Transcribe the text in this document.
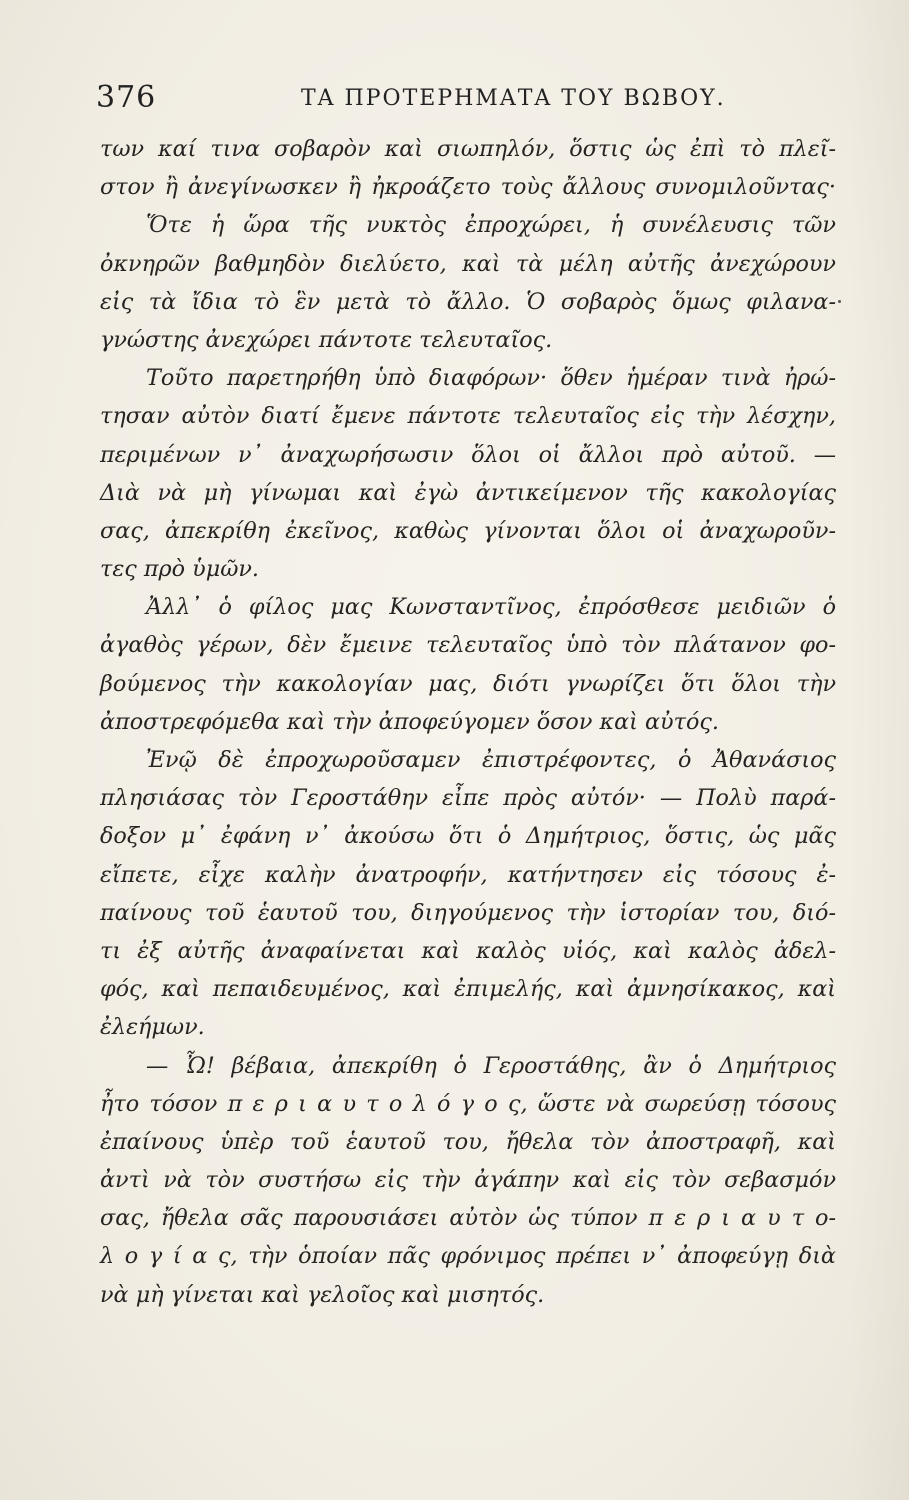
376	ΤΑ ΠΡΟΤΕΡΗΜΑΤΑ ΤΟΥ ΒΩΒΟΥ.
των καί τινα σοβαρὸν καὶ σιωπηλόν, ὅστις ὡς ἐπὶ τὸ πλεῖ-
στον ἢ ἀνεγίνωσκεν ἢ ἠκροάζετο τοὺς ἄλλους συνομιλοῦντας·
Ὅτε ἡ ὥρα τῆς νυκτὸς ἐπροχώρει, ἡ συνέλευσις τῶν
ὀκνηρῶν βαθμηδὸν διελύετο, καὶ τὰ μέλη αὐτῆς ἀνεχώρουν
εἰς τὰ ἴδια τὸ ἓν μετὰ τὸ ἄλλο. Ὁ σοβαρὸς ὅμως φιλανα-
γνώστης ἀνεχώρει πάντοτε τελευταῖος.
Τοῦτο παρετηρήθη ὑπὸ διαφόρων· ὅθεν ἡμέραν τινὰ ἠρώ-
τησαν αὐτὸν διατί ἔμενε πάντοτε τελευταῖος εἰς τὴν λέσχην,
περιμένων ν᾽ ἀναχωρήσωσιν ὅλοι οἱ ἄλλοι πρὸ αὐτοῦ. —
Διὰ νὰ μὴ γίνωμαι καὶ ἐγὼ ἀντικείμενον τῆς κακολογίας
σας, ἀπεκρίθη ἐκεῖνος, καθὼς γίνονται ὅλοι οἱ ἀναχωροῦν-
τες πρὸ ὑμῶν.
Ἀλλ᾽ ὁ φίλος μας Κωνσταντῖνος, ἐπρόσθεσε μειδιῶν ὁ
ἀγαθὸς γέρων, δὲν ἔμεινε τελευταῖος ὑπὸ τὸν πλάτανον φο-
βούμενος τὴν κακολογίαν μας, διότι γνωρίζει ὅτι ὅλοι τὴν
ἀποστρεφόμεθα καὶ τὴν ἀποφεύγομεν ὅσον καὶ αὐτός.
Ἐνῷ δὲ ἐπροχωροῦσαμεν ἐπιστρέφοντες, ὁ Ἀθανάσιος
πλησιάσας τὸν Γεροστάθην εἶπε πρὸς αὐτόν· — Πολὺ παρά-
δοξον μ᾽ ἐφάνη ν᾽ ἀκούσω ὅτι ὁ Δημήτριος, ὅστις, ὡς μᾶς
εἴπετε, εἶχε καλὴν ἀνατροφήν, κατήντησεν εἰς τόσους ἐ-
παίνους τοῦ ἑαυτοῦ του, διηγούμενος τὴν ἱστορίαν του, διό-
τι ἐξ αὐτῆς ἀναφαίνεται καὶ καλὸς υἱός, καὶ καλὸς ἀδελ-
φός, καὶ πεπαιδευμένος, καὶ ἐπιμελής, καὶ ἀμνησίκακος, καὶ
ἐλεήμων.
— Ὦ! βέβαια, ἀπεκρίθη ὁ Γεροστάθης, ἂν ὁ Δημήτριος
ἦτο τόσον π ε ρ ι α υ τ ο λ ό γ ο ς, ὥστε νὰ σωρεύσῃ τόσους
ἐπαίνους ὑπὲρ τοῦ ἑαυτοῦ του, ἤθελα τὸν ἀποστραφῆ, καὶ
ἀντὶ νὰ τὸν συστήσω εἰς τὴν ἀγάπην καὶ εἰς τὸν σεβασμόν
σας, ἤθελα σᾶς παρουσιάσει αὐτὸν ὡς τύπον π ε ρ ι α υ τ ο-
λ ο γ ί α ς, τὴν ὁποίαν πᾶς φρόνιμος πρέπει ν᾽ ἀποφεύγῃ διὰ
νὰ μὴ γίνεται καὶ γελοῖος καὶ μισητός.
